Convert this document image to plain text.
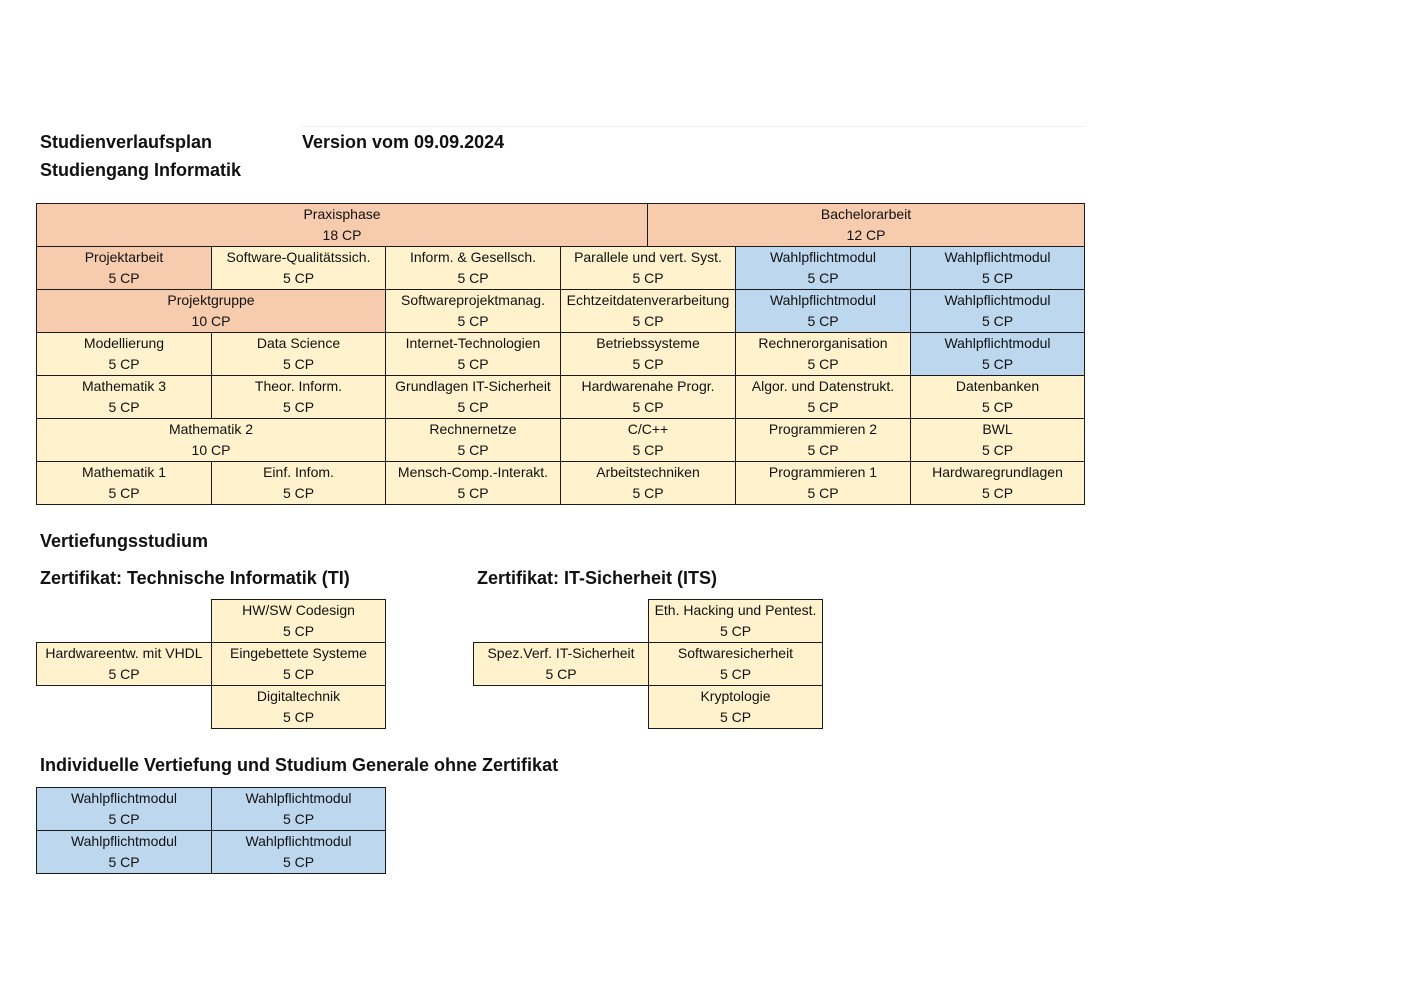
Studienverlaufsplan	Version vom 09.09.2024
Studiengang Informatik
Praxisphase
18 CP
Bachelorarbeit
12 CP
Projektarbeit
5 CP
Software-Qualitätssich.
5 CP
Inform. & Gesellsch.
5 CP
Parallele und vert. Syst.
5 CP
Wahlpflichtmodul
5 CP
Wahlpflichtmodul
5 CP
Projektgruppe
10 CP
Softwareprojektmanag.
5 CP
Echtzeitdatenverarbeitung
5 CP
Wahlpflichtmodul
5 CP
Wahlpflichtmodul
5 CP
Modellierung
5 CP
Data Science
5 CP
Internet-Technologien
5 CP
Betriebssysteme
5 CP
Rechnerorganisation
5 CP
Wahlpflichtmodul
5 CP
Mathematik 3
5 CP
Theor. Inform.
5 CP
Grundlagen IT-Sicherheit
5 CP
Hardwarenahe Progr.
5 CP
Algor. und Datenstrukt.
5 CP
Datenbanken
5 CP
Mathematik 2
10 CP
Rechnernetze
5 CP
C/C++
5 CP
Programmieren 2
5 CP
BWL
5 CP
Mathematik 1
5 CP
Einf. Infom.
5 CP
Mensch-Comp.-Interakt.
5 CP
Arbeitstechniken
5 CP
Programmieren 1
5 CP
Hardwaregrundlagen
5 CP
Vertiefungsstudium
Zertifikat: Technische Informatik (TI)	Zertifikat: IT-Sicherheit (ITS)
HW/SW Codesign
5 CP
Hardwareentw. mit VHDL
5 CP
Eingebettete Systeme
5 CP
Digitaltechnik
5 CP
Eth. Hacking und Pentest.
5 CP
Spez.Verf. IT-Sicherheit
5 CP
Softwaresicherheit
5 CP
Kryptologie
5 CP
Individuelle Vertiefung und Studium Generale ohne Zertifikat
Wahlpflichtmodul
5 CP
Wahlpflichtmodul
5 CP
Wahlpflichtmodul
5 CP
Wahlpflichtmodul
5 CP
